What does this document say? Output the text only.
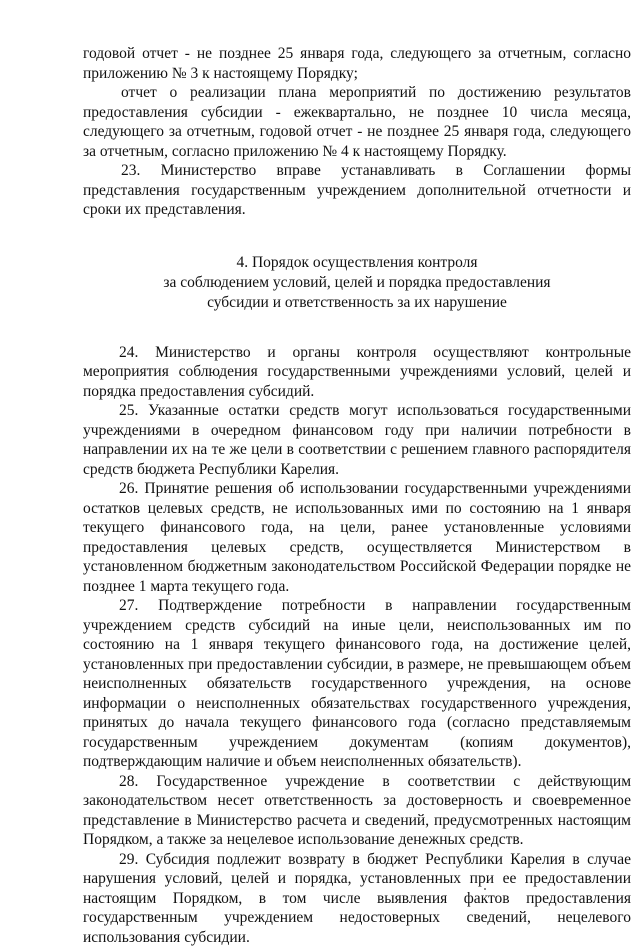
годовой отчет - не позднее 25 января года, следующего за отчетным, согласно приложению № 3 к настоящему Порядку;

отчет о реализации плана мероприятий по достижению результатов предоставления субсидии - ежеквартально, не позднее 10 числа месяца, следующего за отчетным, годовой отчет - не позднее 25 января года, следующего за отчетным, согласно приложению № 4 к настоящему Порядку.

23. Министерство вправе устанавливать в Соглашении формы представления государственным учреждением дополнительной отчетности и сроки их представления.

4. Порядок осуществления контроля
за соблюдением условий, целей и порядка предоставления
субсидии и ответственность за их нарушение

24. Министерство и органы контроля осуществляют контрольные мероприятия соблюдения государственными учреждениями условий, целей и порядка предоставления субсидий.

25. Указанные остатки средств могут использоваться государственными учреждениями в очередном финансовом году при наличии потребности в направлении их на те же цели в соответствии с решением главного распорядителя средств бюджета Республики Карелия.

26. Принятие решения об использовании государственными учреждениями остатков целевых средств, не использованных ими по состоянию на 1 января текущего финансового года, на цели, ранее установленные условиями предоставления целевых средств, осуществляется Министерством в установленном бюджетным законодательством Российской Федерации порядке не позднее 1 марта текущего года.

27. Подтверждение потребности в направлении государственным учреждением средств субсидий на иные цели, неиспользованных им по состоянию на 1 января текущего финансового года, на достижение целей, установленных при предоставлении субсидии, в размере, не превышающем объем неисполненных обязательств государственного учреждения, на основе информации о неисполненных обязательствах государственного учреждения, принятых до начала текущего финансового года (согласно представляемым государственным учреждением документам (копиям документов), подтверждающим наличие и объем неисполненных обязательств).

28. Государственное учреждение в соответствии с действующим законодательством несет ответственность за достоверность и своевременное представление в Министерство расчета и сведений, предусмотренных настоящим Порядком, а также за нецелевое использование денежных средств.

29. Субсидия подлежит возврату в бюджет Республики Карелия в случае нарушения условий, целей и порядка, установленных при ее предоставлении настоящим Порядком, в том числе выявления фактов предоставления государственным учреждением недостоверных сведений, нецелевого использования субсидии.
